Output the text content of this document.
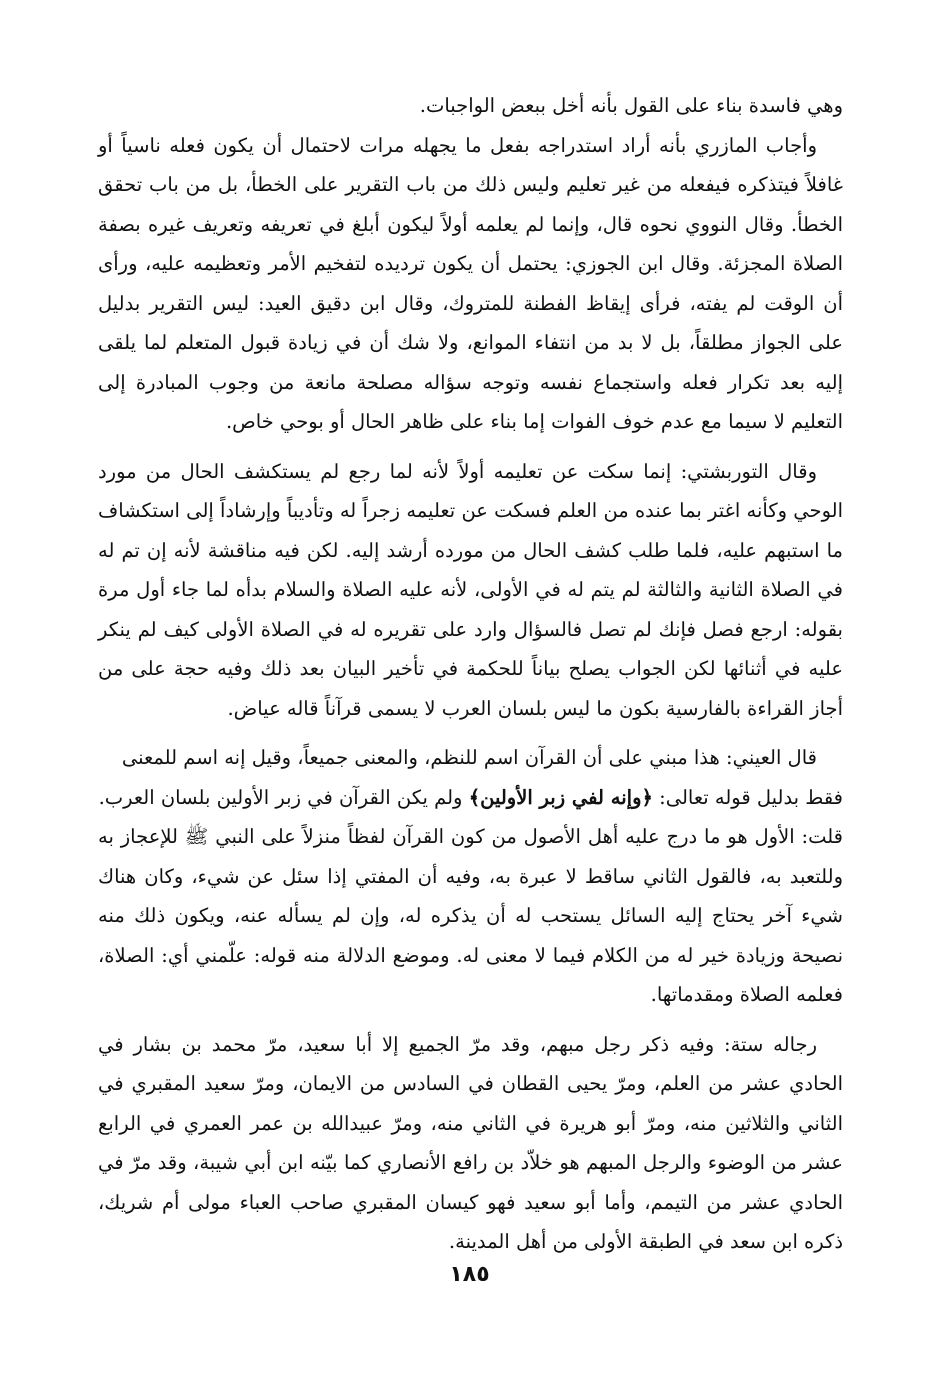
وهي فاسدة بناء على القول بأنه أخل ببعض الواجبات.

وأجاب المازري بأنه أراد استدراجه بفعل ما يجهله مرات لاحتمال أن يكون فعله ناسياً أو غافلاً فيتذكره فيفعله من غير تعليم وليس ذلك من باب التقرير على الخطأ، بل من باب تحقق الخطأ. وقال النووي نحوه قال، وإنما لم يعلمه أولاً ليكون أبلغ في تعريفه وتعريف غيره بصفة الصلاة المجزئة. وقال ابن الجوزي: يحتمل أن يكون ترديده لتفخيم الأمر وتعظيمه عليه، ورأى أن الوقت لم يفته، فرأى إيقاظ الفطنة للمتروك، وقال ابن دقيق العيد: ليس التقرير بدليل على الجواز مطلقاً، بل لا بد من انتفاء الموانع، ولا شك أن في زيادة قبول المتعلم لما يلقى إليه بعد تكرار فعله واستجماع نفسه وتوجه سؤاله مصلحة مانعة من وجوب المبادرة إلى التعليم لا سيما مع عدم خوف الفوات إما بناء على ظاهر الحال أو بوحي خاص.

وقال التوربشتي: إنما سكت عن تعليمه أولاً لأنه لما رجع لم يستكشف الحال من مورد الوحي وكأنه اغتر بما عنده من العلم فسكت عن تعليمه زجراً له وتأديباً وإرشاداً إلى استكشاف ما استبهم عليه، فلما طلب كشف الحال من مورده أرشد إليه. لكن فيه مناقشة لأنه إن تم له في الصلاة الثانية والثالثة لم يتم له في الأولى، لأنه عليه الصلاة والسلام بدأه لما جاء أول مرة بقوله: ارجع فصل فإنك لم تصل فالسؤال وارد على تقريره له في الصلاة الأولى كيف لم ينكر عليه في أثنائها لكن الجواب يصلح بياناً للحكمة في تأخير البيان بعد ذلك وفيه حجة على من أجاز القراءة بالفارسية بكون ما ليس بلسان العرب لا يسمى قرآناً قاله عياض.

قال العيني: هذا مبني على أن القرآن اسم للنظم، والمعنى جميعاً، وقيل إنه اسم للمعنى
فقط بدليل قوله تعالى: ﴿وإنه لفي زبر الأولين﴾ ولم يكن القرآن في زبر الأولين بلسان العرب.

قلت: الأول هو ما درج عليه أهل الأصول من كون القرآن لفظاً منزلاً على النبي ﷺ للإعجاز به وللتعبد به، فالقول الثاني ساقط لا عبرة به، وفيه أن المفتي إذا سئل عن شيء، وكان هناك شيء آخر يحتاج إليه السائل يستحب له أن يذكره له، وإن لم يسأله عنه، ويكون ذلك منه نصيحة وزيادة خير له من الكلام فيما لا معنى له. وموضع الدلالة منه قوله: علّمني أي: الصلاة، فعلمه الصلاة ومقدماتها.

رجاله ستة: وفيه ذكر رجل مبهم، وقد مرّ الجميع إلا أبا سعيد، مرّ محمد بن بشار في الحادي عشر من العلم، ومرّ يحيى القطان في السادس من الايمان، ومرّ سعيد المقبري في الثاني والثلاثين منه، ومرّ أبو هريرة في الثاني منه، ومرّ عبيدالله بن عمر العمري في الرابع عشر من الوضوء والرجل المبهم هو خلاّد بن رافع الأنصاري كما بيّنه ابن أبي شيبة، وقد مرّ في الحادي عشر من التيمم، وأما أبو سعيد فهو كيسان المقبري صاحب العباء مولى أم شريك، ذكره ابن سعد في الطبقة الأولى من أهل المدينة.

١٨٥
